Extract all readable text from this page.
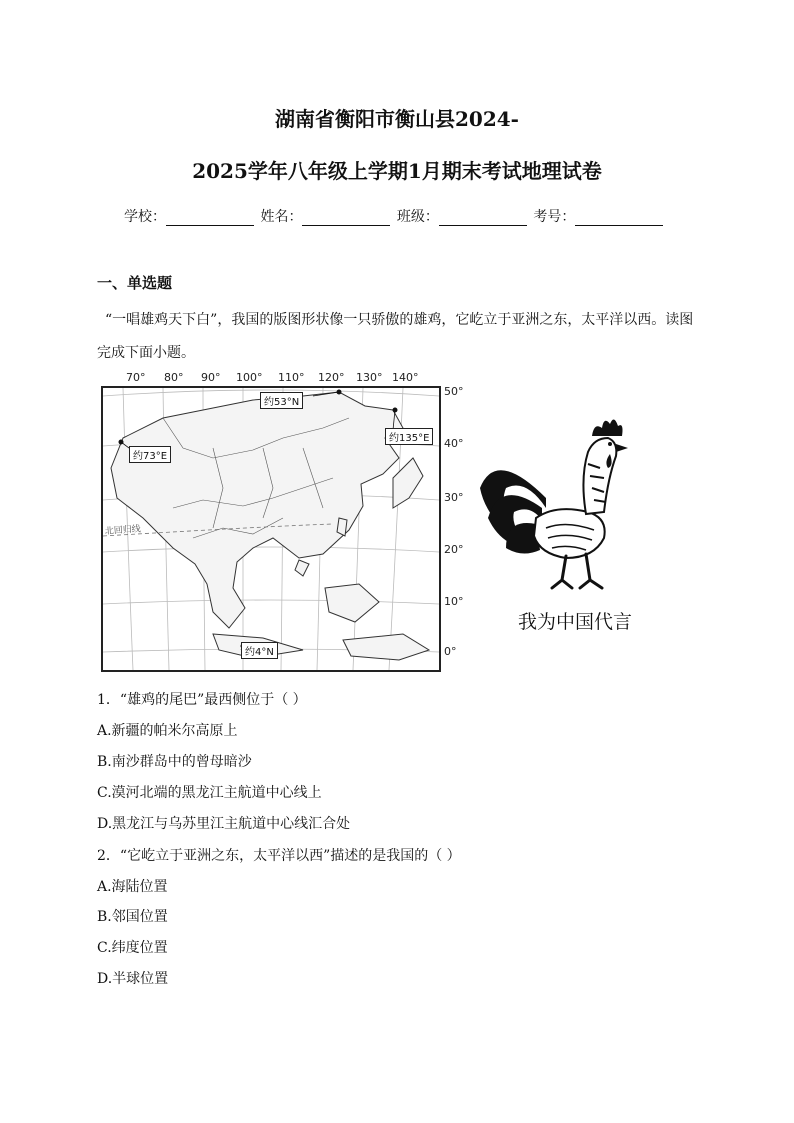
湖南省衡阳市衡山县2024-
2025学年八年级上学期1月期末考试地理试卷
学校：	姓名：	班级：	考号：
一、单选题
“一唱雄鸡天下白”，我国的版图形状像一只骄傲的雄鸡，它屹立于亚洲之东，太平洋以西。读图完成下面小题。
70° 80° 90° 100° 110° 120° 130° 140°
50°
40°
30°
20°
10°
0°
北回归线
约53°N
约135°E
约73°E
约4°N
我为中国代言
1．“雄鸡的尾巴”最西侧位于（ ）
A.新疆的帕米尔高原上
B.南沙群岛中的曾母暗沙
C.漠河北端的黑龙江主航道中心线上
D.黑龙江与乌苏里江主航道中心线汇合处
2．“它屹立于亚洲之东，太平洋以西”描述的是我国的（ ）
A.海陆位置
B.邻国位置
C.纬度位置
D.半球位置
